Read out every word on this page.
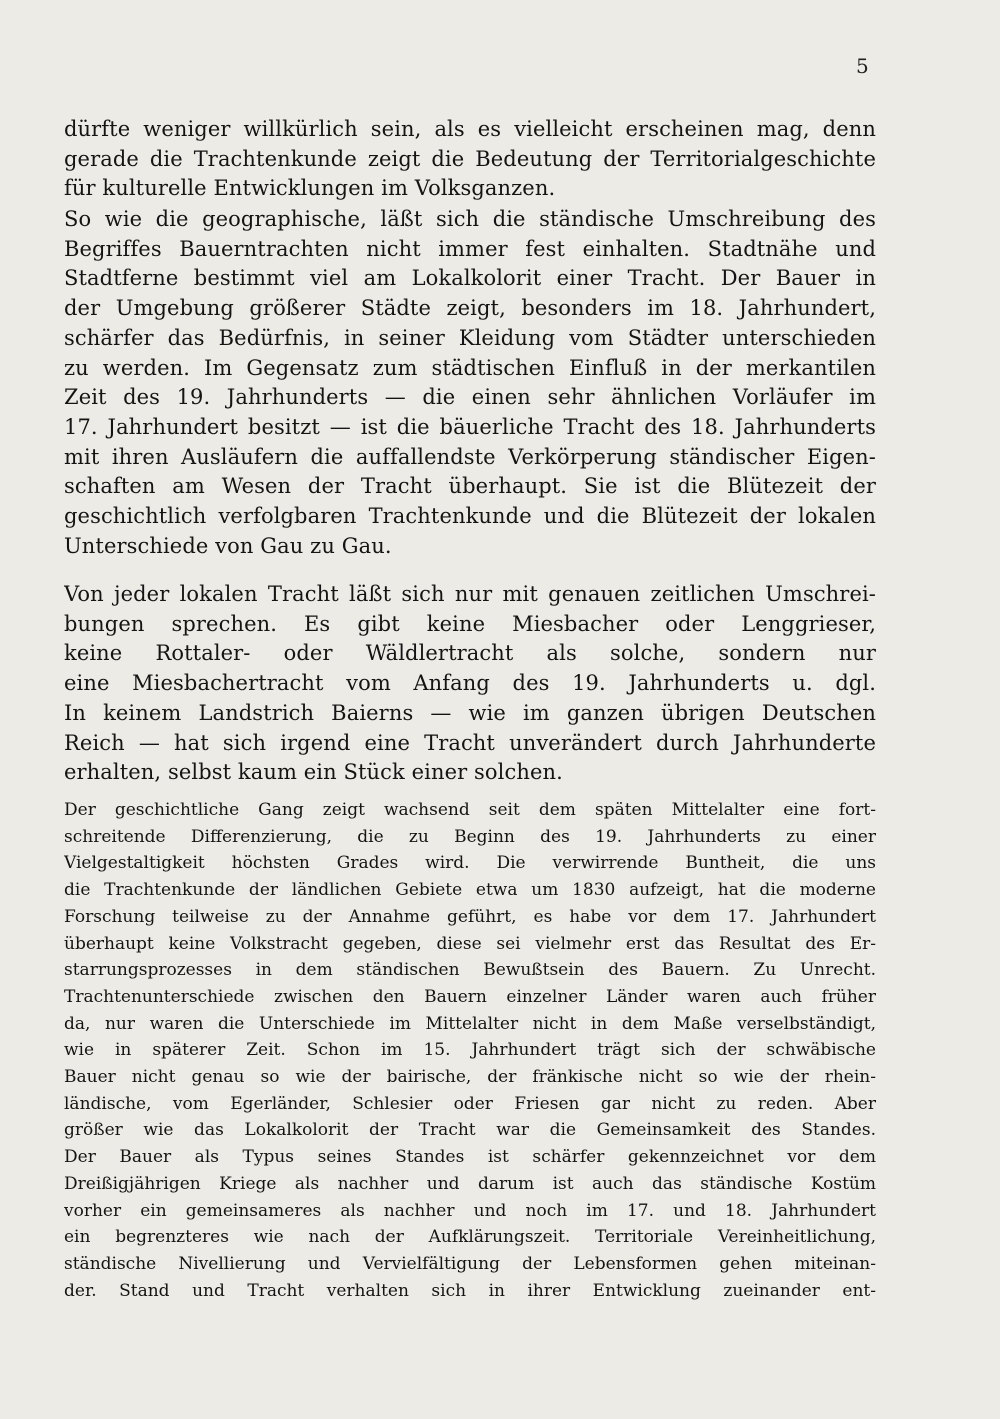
5
dürfte weniger willkürlich sein, als es vielleicht erscheinen mag, denn
gerade die Trachtenkunde zeigt die Bedeutung der Territorialgeschichte
für kulturelle Entwicklungen im Volksganzen.
So wie die geographische, läßt sich die ständische Umschreibung des
Begriffes Bauerntrachten nicht immer fest einhalten. Stadtnähe und
Stadtferne bestimmt viel am Lokalkolorit einer Tracht. Der Bauer in
der Umgebung größerer Städte zeigt, besonders im 18. Jahrhundert,
schärfer das Bedürfnis, in seiner Kleidung vom Städter unterschieden
zu werden. Im Gegensatz zum städtischen Einfluß in der merkantilen
Zeit des 19. Jahrhunderts — die einen sehr ähnlichen Vorläufer im
17. Jahrhundert besitzt — ist die bäuerliche Tracht des 18. Jahrhunderts
mit ihren Ausläufern die auffallendste Verkörperung ständischer Eigen-
schaften am Wesen der Tracht überhaupt. Sie ist die Blütezeit der
geschichtlich verfolgbaren Trachtenkunde und die Blütezeit der lokalen
Unterschiede von Gau zu Gau.
Von jeder lokalen Tracht läßt sich nur mit genauen zeitlichen Umschrei-
bungen sprechen. Es gibt keine Miesbacher oder Lenggrieser,
keine Rottaler- oder Wäldlertracht als solche, sondern nur
eine Miesbachertracht vom Anfang des 19. Jahrhunderts u. dgl.
In keinem Landstrich Baierns — wie im ganzen übrigen Deutschen
Reich — hat sich irgend eine Tracht unverändert durch Jahrhunderte
erhalten, selbst kaum ein Stück einer solchen.
Der geschichtliche Gang zeigt wachsend seit dem späten Mittelalter eine fort-
schreitende Differenzierung, die zu Beginn des 19. Jahrhunderts zu einer
Vielgestaltigkeit höchsten Grades wird. Die verwirrende Buntheit, die uns
die Trachtenkunde der ländlichen Gebiete etwa um 1830 aufzeigt, hat die moderne
Forschung teilweise zu der Annahme geführt, es habe vor dem 17. Jahrhundert
überhaupt keine Volkstracht gegeben, diese sei vielmehr erst das Resultat des Er-
starrungsprozesses in dem ständischen Bewußtsein des Bauern. Zu Unrecht.
Trachtenunterschiede zwischen den Bauern einzelner Länder waren auch früher
da, nur waren die Unterschiede im Mittelalter nicht in dem Maße verselbständigt,
wie in späterer Zeit. Schon im 15. Jahrhundert trägt sich der schwäbische
Bauer nicht genau so wie der bairische, der fränkische nicht so wie der rhein-
ländische, vom Egerländer, Schlesier oder Friesen gar nicht zu reden. Aber
größer wie das Lokalkolorit der Tracht war die Gemeinsamkeit des Standes.
Der Bauer als Typus seines Standes ist schärfer gekennzeichnet vor dem
Dreißigjährigen Kriege als nachher und darum ist auch das ständische Kostüm
vorher ein gemeinsameres als nachher und noch im 17. und 18. Jahrhundert
ein begrenzteres wie nach der Aufklärungszeit. Territoriale Vereinheitlichung,
ständische Nivellierung und Vervielfältigung der Lebensformen gehen miteinan-
der. Stand und Tracht verhalten sich in ihrer Entwicklung zueinander ent-
